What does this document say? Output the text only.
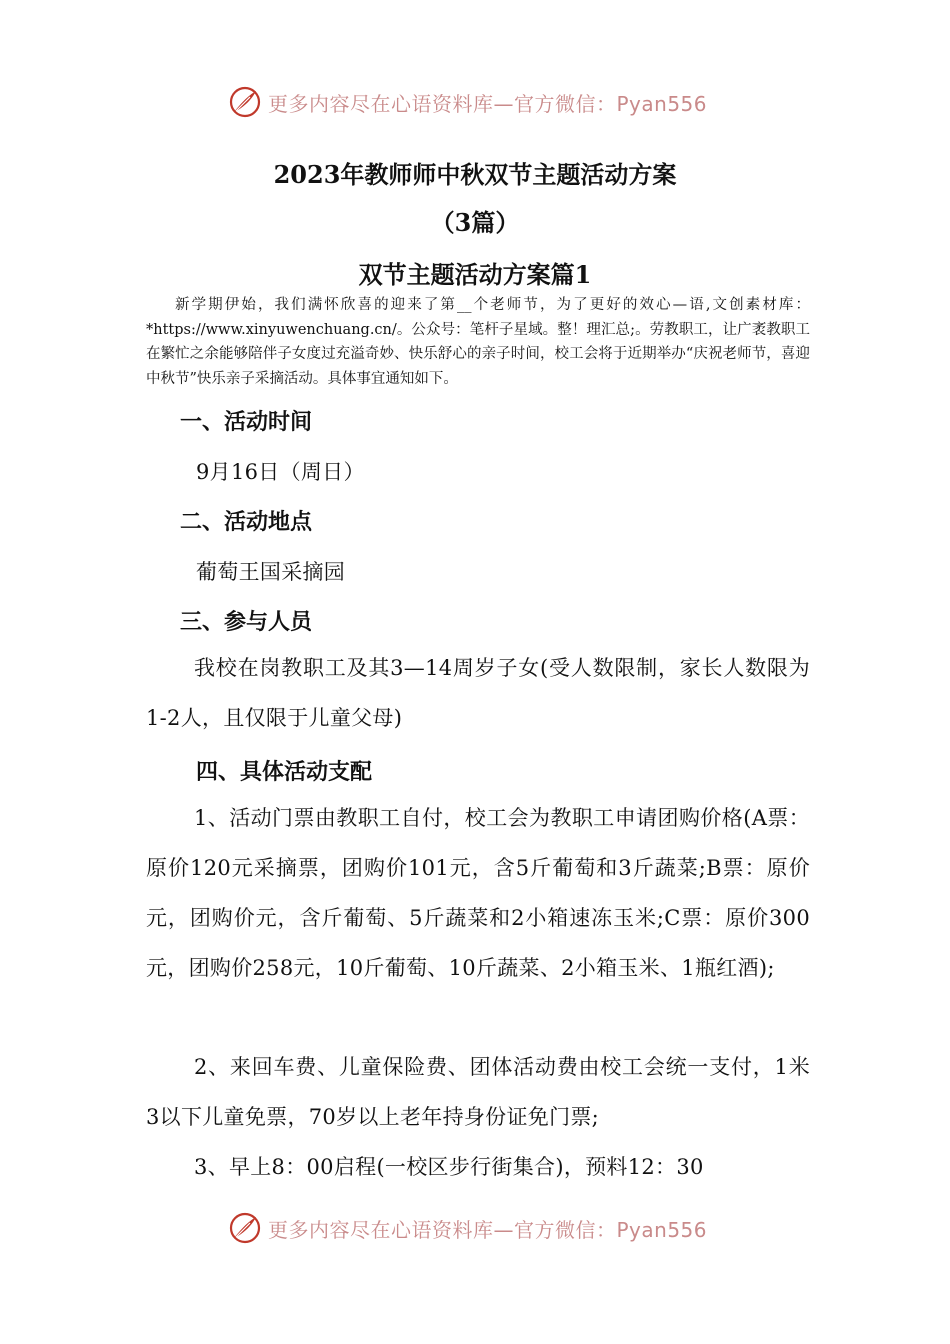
更多内容尽在心语资料库—官方微信：Pyan556
2023年教师师中秋双节主题活动方案
（3篇）
双节主题活动方案篇1

新学期伊始，我们满怀欣喜的迎来了第__个老师节，为了更好的效心—语,文创素材库：*https://www.xinyuwenchuang.cn/。公众号：笔杆子星域。整！理汇总;。劳教职工，让广袤教职工在繁忙之余能够陪伴子女度过充溢奇妙、快乐舒心的亲子时间，校工会将于近期举办“庆祝老师节，喜迎中秋节”快乐亲子采摘活动。具体事宜通知如下。

一、活动时间
9月16日（周日）
二、活动地点
葡萄王国采摘园
三、参与人员

我校在岗教职工及其3—14周岁子女(受人数限制，家长人数限为1-2人，且仅限于儿童父母)

四、具体活动支配

1、活动门票由教职工自付，校工会为教职工申请团购价格(A票：原价120元采摘票，团购价101元，含5斤葡萄和3斤蔬菜;B票：原价元，团购价元，含斤葡萄、5斤蔬菜和2小箱速冻玉米;C票：原价300元，团购价258元，10斤葡萄、10斤蔬菜、2小箱玉米、1瓶红酒);

2、来回车费、儿童保险费、团体活动费由校工会统一支付，1米3以下儿童免票，70岁以上老年持身份证免门票;

3、早上8：00启程(一校区步行街集合)，预料12：30

更多内容尽在心语资料库—官方微信：Pyan556
